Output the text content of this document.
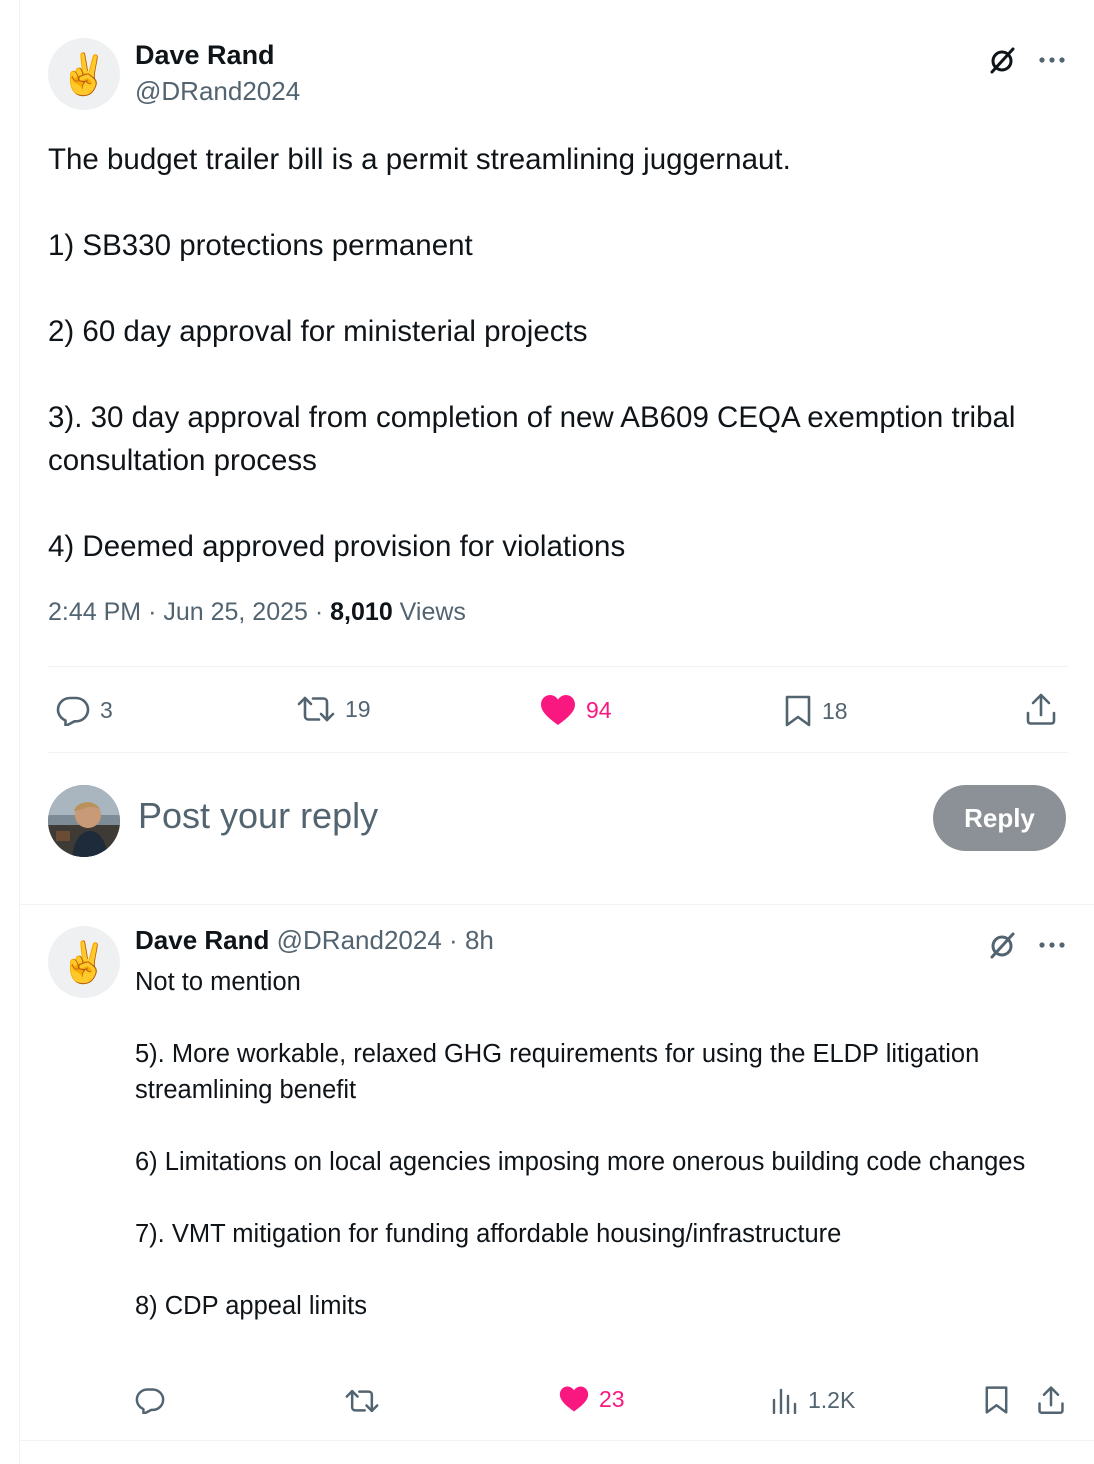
✌️ Dave Rand
@DRand2024

The budget trailer bill is a permit streamlining juggernaut.

1) SB330 protections permanent

2) 60 day approval for ministerial projects

3). 30 day approval from completion of new AB609 CEQA exemption tribal consultation process

4) Deemed approved provision for violations

2:44 PM · Jun 25, 2025 · 8,010 Views
3	19	94	18
Post your reply	Reply
✌️ Dave Rand @DRand2024 · 8h

Not to mention

5). More workable, relaxed GHG requirements for using the ELDP litigation streamlining benefit

6) Limitations on local agencies imposing more onerous building code changes

7). VMT mitigation for funding affordable housing/infrastructure

8) CDP appeal limits

23	1.2K
